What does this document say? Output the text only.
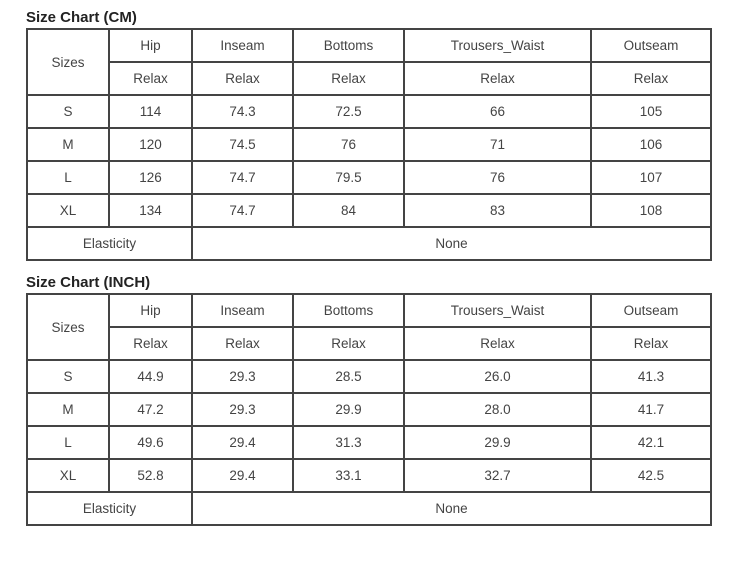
Size Chart (CM)
Sizes	Hip	Inseam	Bottoms	Trousers_Waist	Outseam
	Relax	Relax	Relax	Relax	Relax
S	114	74.3	72.5	66	105
M	120	74.5	76	71	106
L	126	74.7	79.5	76	107
XL	134	74.7	84	83	108
Elasticity		None			
Size Chart (INCH)
Sizes	Hip	Inseam	Bottoms	Trousers_Waist	Outseam
	Relax	Relax	Relax	Relax	Relax
S	44.9	29.3	28.5	26.0	41.3
M	47.2	29.3	29.9	28.0	41.7
L	49.6	29.4	31.3	29.9	42.1
XL	52.8	29.4	33.1	32.7	42.5
Elasticity		None			
